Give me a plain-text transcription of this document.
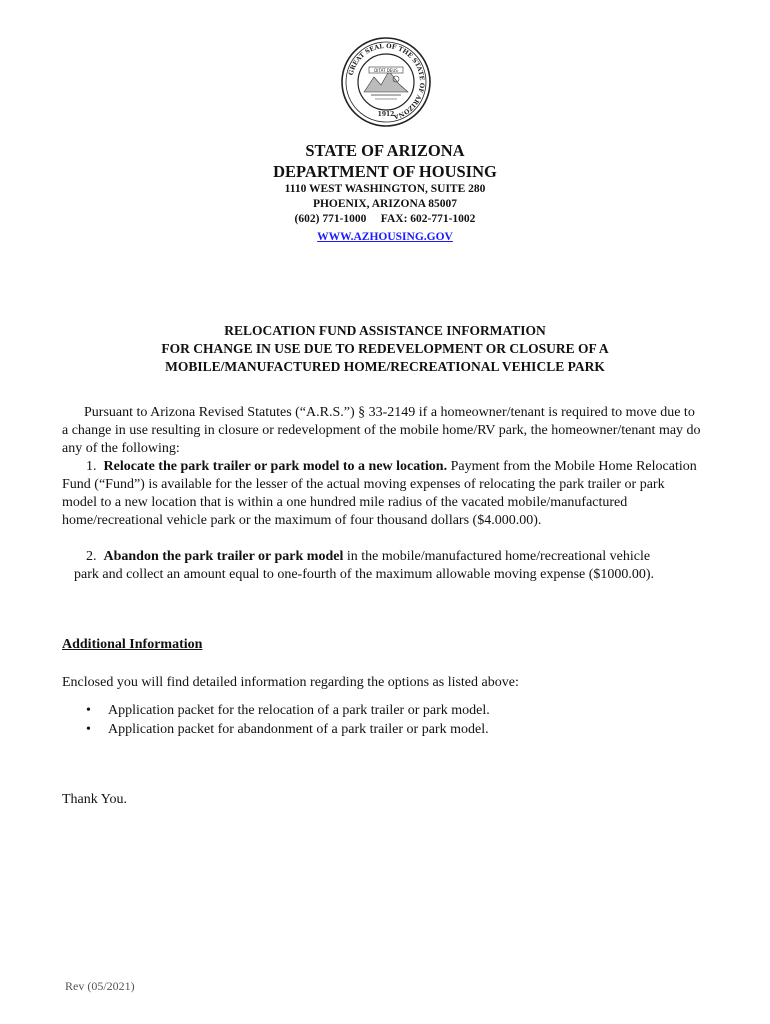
GREAT SEAL OF THE STATE OF ARIZONA
DITAT DEUS
1912
STATE OF ARIZONA
DEPARTMENT OF HOUSING
1110 WEST WASHINGTON, SUITE 280
PHOENIX, ARIZONA 85007
(602) 771-1000     FAX: 602-771-1002
WWW.AZHOUSING.GOV
RELOCATION FUND ASSISTANCE INFORMATION
FOR CHANGE IN USE DUE TO REDEVELOPMENT OR CLOSURE OF A
MOBILE/MANUFACTURED HOME/RECREATIONAL VEHICLE PARK
Pursuant to Arizona Revised Statutes (“A.R.S.”) § 33-2149 if a homeowner/tenant is required to move due to a change in use resulting in closure or redevelopment of the mobile home/RV park, the homeowner/tenant may do any of the following:
1. Relocate the park trailer or park model to a new location. Payment from the Mobile Home Relocation Fund (“Fund”) is available for the lesser of the actual moving expenses of relocating the park trailer or park model to a new location that is within a one hundred mile radius of the vacated mobile/manufactured home/recreational vehicle park or the maximum of four thousand dollars ($4.000.00).
2. Abandon the park trailer or park model in the mobile/manufactured home/recreational vehicle
park and collect an amount equal to one-fourth of the maximum allowable moving expense ($1000.00).
Additional Information
Enclosed you will find detailed information regarding the options as listed above:
• Application packet for the relocation of a park trailer or park model.
• Application packet for abandonment of a park trailer or park model.
Thank You.
Rev (05/2021)
